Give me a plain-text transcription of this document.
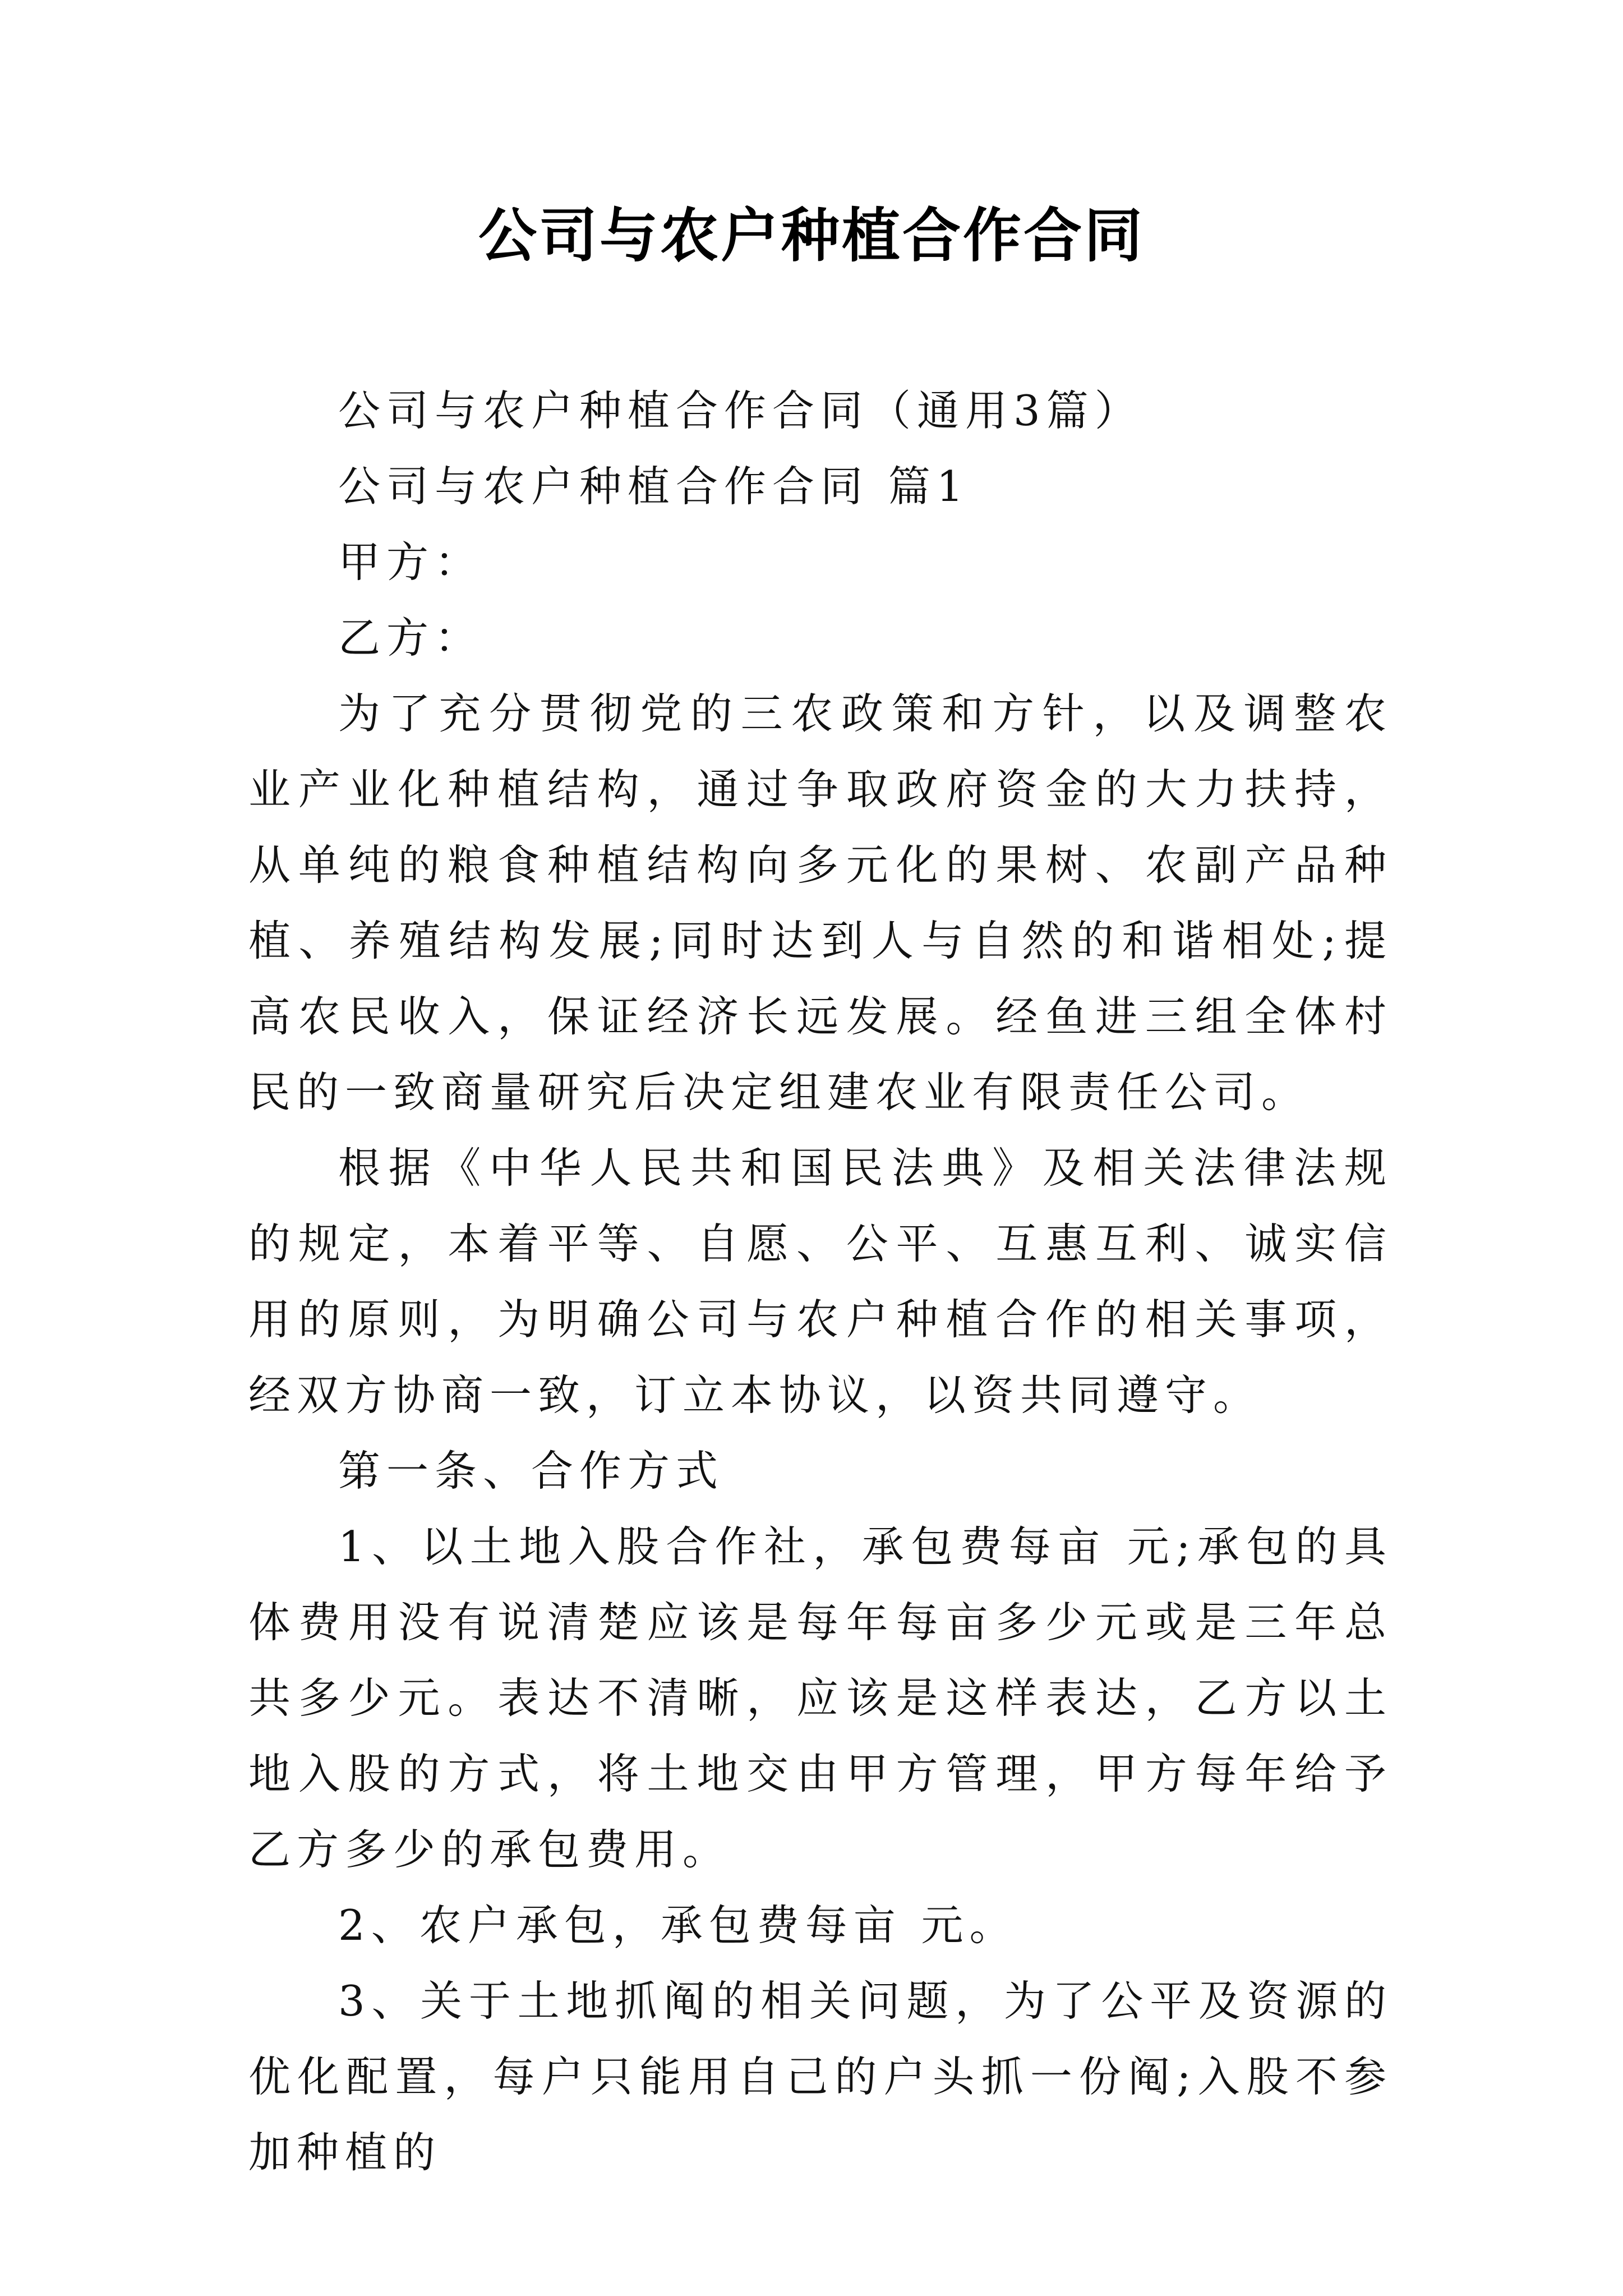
公司与农户种植合作合同

公司与农户种植合作合同（通用3篇）

公司与农户种植合作合同 篇1

甲方：

乙方：

为了充分贯彻党的三农政策和方针，以及调整农业产业化种植结构，通过争取政府资金的大力扶持，从单纯的粮食种植结构向多元化的果树、农副产品种植、养殖结构发展;同时达到人与自然的和谐相处;提高农民收入，保证经济长远发展。经鱼进三组全体村民的一致商量研究后决定组建农业有限责任公司。

根据《中华人民共和国民法典》及相关法律法规的规定，本着平等、自愿、公平、互惠互利、诚实信用的原则，为明确公司与农户种植合作的相关事项，经双方协商一致，订立本协议，以资共同遵守。

第一条、合作方式

1、以土地入股合作社，承包费每亩 元;承包的具体费用没有说清楚应该是每年每亩多少元或是三年总共多少元。表达不清晰，应该是这样表达，乙方以土地入股的方式，将土地交由甲方管理，甲方每年给予乙方多少的承包费用。

2、农户承包，承包费每亩 元。

3、关于土地抓阄的相关问题，为了公平及资源的优化配置，每户只能用自己的户头抓一份阄;入股不参加种植的
